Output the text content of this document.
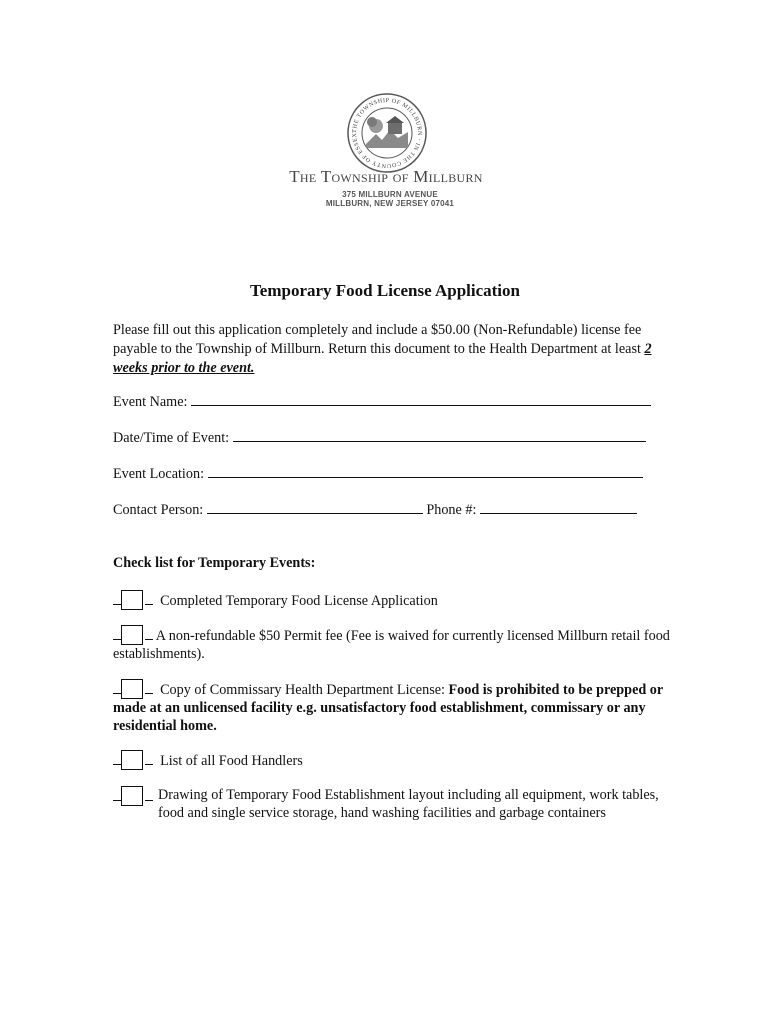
THE TOWNSHIP OF MILLBURN · IN THE COUNTY OF ESSEX
The Township of Millburn
375 MILLBURN AVENUE
MILLBURN, NEW JERSEY 07041
Temporary Food License Application
Please fill out this application completely and include a $50.00 (Non-Refundable) license fee payable to the Township of Millburn. Return this document to the Health Department at least 2 weeks prior to the event.
Event Name:
Date/Time of Event:
Event Location:
Contact Person:	Phone #:
Check list for Temporary Events:
Completed Temporary Food License Application
A non-refundable $50 Permit fee (Fee is waived for currently licensed Millburn retail food establishments).
Copy of Commissary Health Department License: Food is prohibited to be prepped or made at an unlicensed facility e.g. unsatisfactory food establishment, commissary or any residential home.
List of all Food Handlers
Drawing of Temporary Food Establishment layout including all equipment, work tables, food and single service storage, hand washing facilities and garbage containers
